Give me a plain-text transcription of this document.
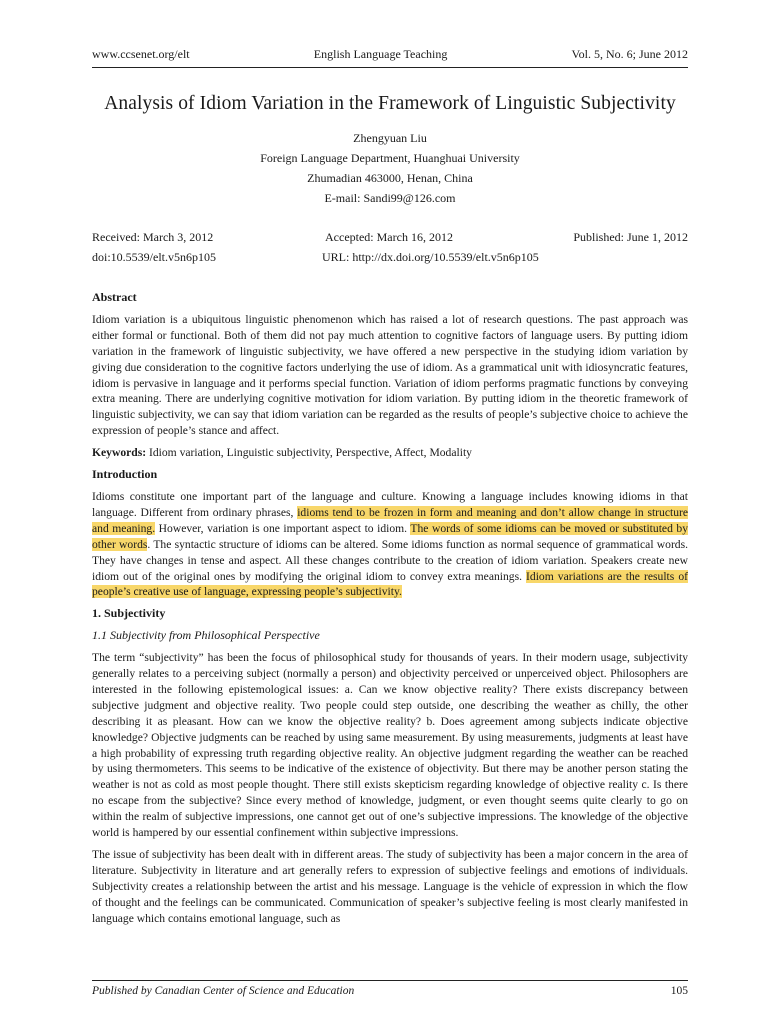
www.ccsenet.org/elt	English Language Teaching	Vol. 5, No. 6; June 2012
Analysis of Idiom Variation in the Framework of Linguistic Subjectivity
Zhengyuan Liu
Foreign Language Department, Huanghuai University
Zhumadian 463000, Henan, China
E-mail: Sandi99@126.com
Received: March 3, 2012	Accepted: March 16, 2012	Published: June 1, 2012
doi:10.5539/elt.v5n6p105	URL: http://dx.doi.org/10.5539/elt.v5n6p105
Abstract

Idiom variation is a ubiquitous linguistic phenomenon which has raised a lot of research questions. The past approach was either formal or functional. Both of them did not pay much attention to cognitive factors of language users. By putting idiom variation in the framework of linguistic subjectivity, we have offered a new perspective in the studying idiom variation by giving due consideration to the cognitive factors underlying the use of idiom. As a grammatical unit with idiosyncratic features, idiom is pervasive in language and it performs special function. Variation of idiom performs pragmatic functions by conveying extra meaning. There are underlying cognitive motivation for idiom variation. By putting idiom in the theoretic framework of linguistic subjectivity, we can say that idiom variation can be regarded as the results of people’s subjective choice to achieve the expression of people’s stance and affect.

Keywords: Idiom variation, Linguistic subjectivity, Perspective, Affect, Modality

Introduction

Idioms constitute one important part of the language and culture. Knowing a language includes knowing idioms in that language. Different from ordinary phrases, idioms tend to be frozen in form and meaning and don’t allow change in structure and meaning. However, variation is one important aspect to idiom. The words of some idioms can be moved or substituted by other words. The syntactic structure of idioms can be altered. Some idioms function as normal sequence of grammatical words. They have changes in tense and aspect. All these changes contribute to the creation of idiom variation. Speakers create new idiom out of the original ones by modifying the original idiom to convey extra meanings. Idiom variations are the results of people’s creative use of language, expressing people’s subjectivity.

1. Subjectivity
1.1 Subjectivity from Philosophical Perspective

The term “subjectivity” has been the focus of philosophical study for thousands of years. In their modern usage, subjectivity generally relates to a perceiving subject (normally a person) and objectivity perceived or unperceived object. Philosophers are interested in the following epistemological issues: a. Can we know objective reality? There exists discrepancy between subjective judgment and objective reality. Two people could step outside, one describing the weather as chilly, the other describing it as pleasant. How can we know the objective reality? b. Does agreement among subjects indicate objective knowledge? Objective judgments can be reached by using same measurement. By using measurements, judgments at least have a high probability of expressing truth regarding objective reality. An objective judgment regarding the weather can be reached by using thermometers. This seems to be indicative of the existence of objectivity. But there may be another person stating the weather is not as cold as most people thought. There still exists skepticism regarding knowledge of objective reality c. Is there no escape from the subjective? Since every method of knowledge, judgment, or even thought seems quite clearly to go on within the realm of subjective impressions, one cannot get out of one’s subjective impressions. The knowledge of the objective world is hampered by our essential confinement within subjective impressions.

The issue of subjectivity has been dealt with in different areas. The study of subjectivity has been a major concern in the area of literature. Subjectivity in literature and art generally refers to expression of subjective feelings and emotions of individuals. Subjectivity creates a relationship between the artist and his message. Language is the vehicle of expression in which the flow of thought and the feelings can be communicated. Communication of speaker’s subjective feeling is most clearly manifested in language which contains emotional language, such as

Published by Canadian Center of Science and Education	105
